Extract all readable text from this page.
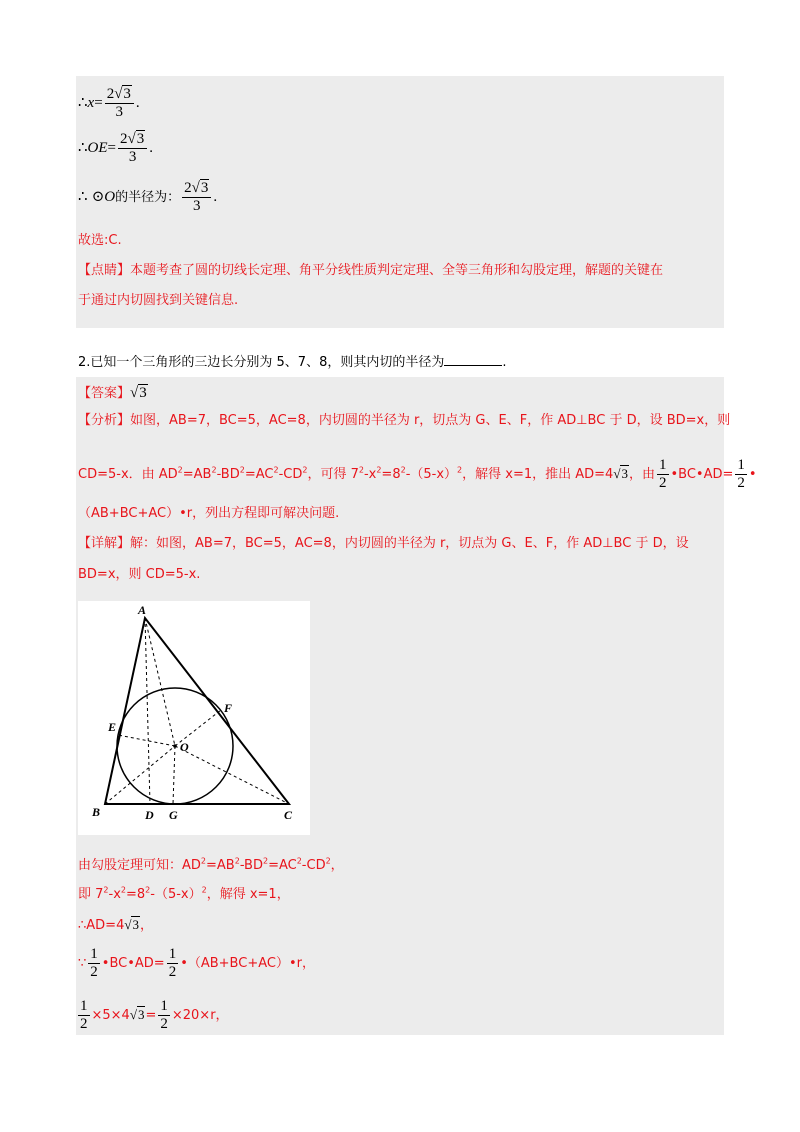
∴x= $\frac{2√3}{3}$ .
∴OE= $\frac{2√3}{3}$ .
∴ ⊙O的半径为： $\frac{2√3}{3}$ .
故选:C.
【点睛】本题考查了圆的切线长定理、角平分线性质判定定理、全等三角形和勾股定理，解题的关键在
于通过内切圆找到关键信息.
2.已知一个三角形的三边长分别为 5、7、8，则其内切的半径为	.
【答案】√3
【分析】如图，AB=7，BC=5，AC=8，内切圆的半径为 r，切点为 G、E、F，作 AD⊥BC 于 D，设 BD=x，则
CD=5-x．由 $AD^2=AB^2-BD^2=AC^2-CD^2$，可得 $7^2-x^2=8^2-(5-x)^2$，解得 x=1，推出 AD=4√3，由 $\frac{1}{2}$ •BC•AD= $\frac{1}{2}$ •
（AB+BC+AC）•r，列出方程即可解决问题.
【详解】解：如图，AB=7，BC=5，AC=8，内切圆的半径为 r，切点为 G、E、F，作 AD⊥BC 于 D，设
BD=x，则 CD=5-x.
A
B	C
D G
E
F
O
由勾股定理可知：$AD^2=AB^2-BD^2=AC^2-CD^2$，
即 $7^2-x^2=8^2-(5-x)^2$，解得 x=1，
∴AD=4√3，
∵ $\frac{1}{2}$ •BC•AD= $\frac{1}{2}$ •（AB+BC+AC）•r，
$\frac{1}{2} \times 5\times 4√3= \frac{1}{2} \times 20\times r$，
